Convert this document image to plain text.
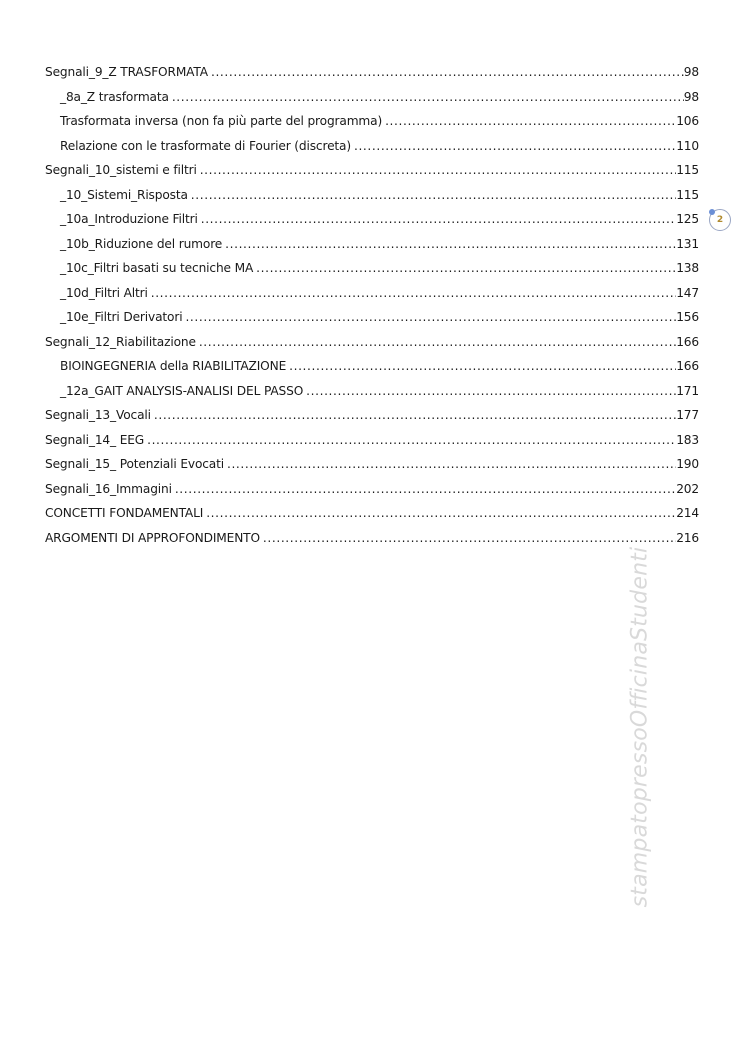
Segnali_9_Z TRASFORMATA .....	98
_8a_Z trasformata .....	98
Trasformata inversa (non fa più parte del programma) .....	106
Relazione con le trasformate di Fourier (discreta) .....	110
Segnali_10_sistemi e filtri .....	115
_10_Sistemi_Risposta .....	115
_10a_Introduzione Filtri .....	125
_10b_Riduzione del rumore .....	131
_10c_Filtri basati su tecniche MA .....	138
_10d_Filtri Altri .....	147
_10e_Filtri Derivatori .....	156
Segnali_12_Riabilitazione .....	166
BIOINGEGNERIA della RIABILITAZIONE .....	166
_12a_GAIT ANALYSIS-ANALISI DEL PASSO .....	171
Segnali_13_Vocali .....	177
Segnali_14_ EEG .....	183
Segnali_15_ Potenziali Evocati .....	190
Segnali_16_Immagini .....	202
CONCETTI FONDAMENTALI .....	214
ARGOMENTI DI APPROFONDIMENTO .....	216
2
stampatopressoOfficinaStudenti
